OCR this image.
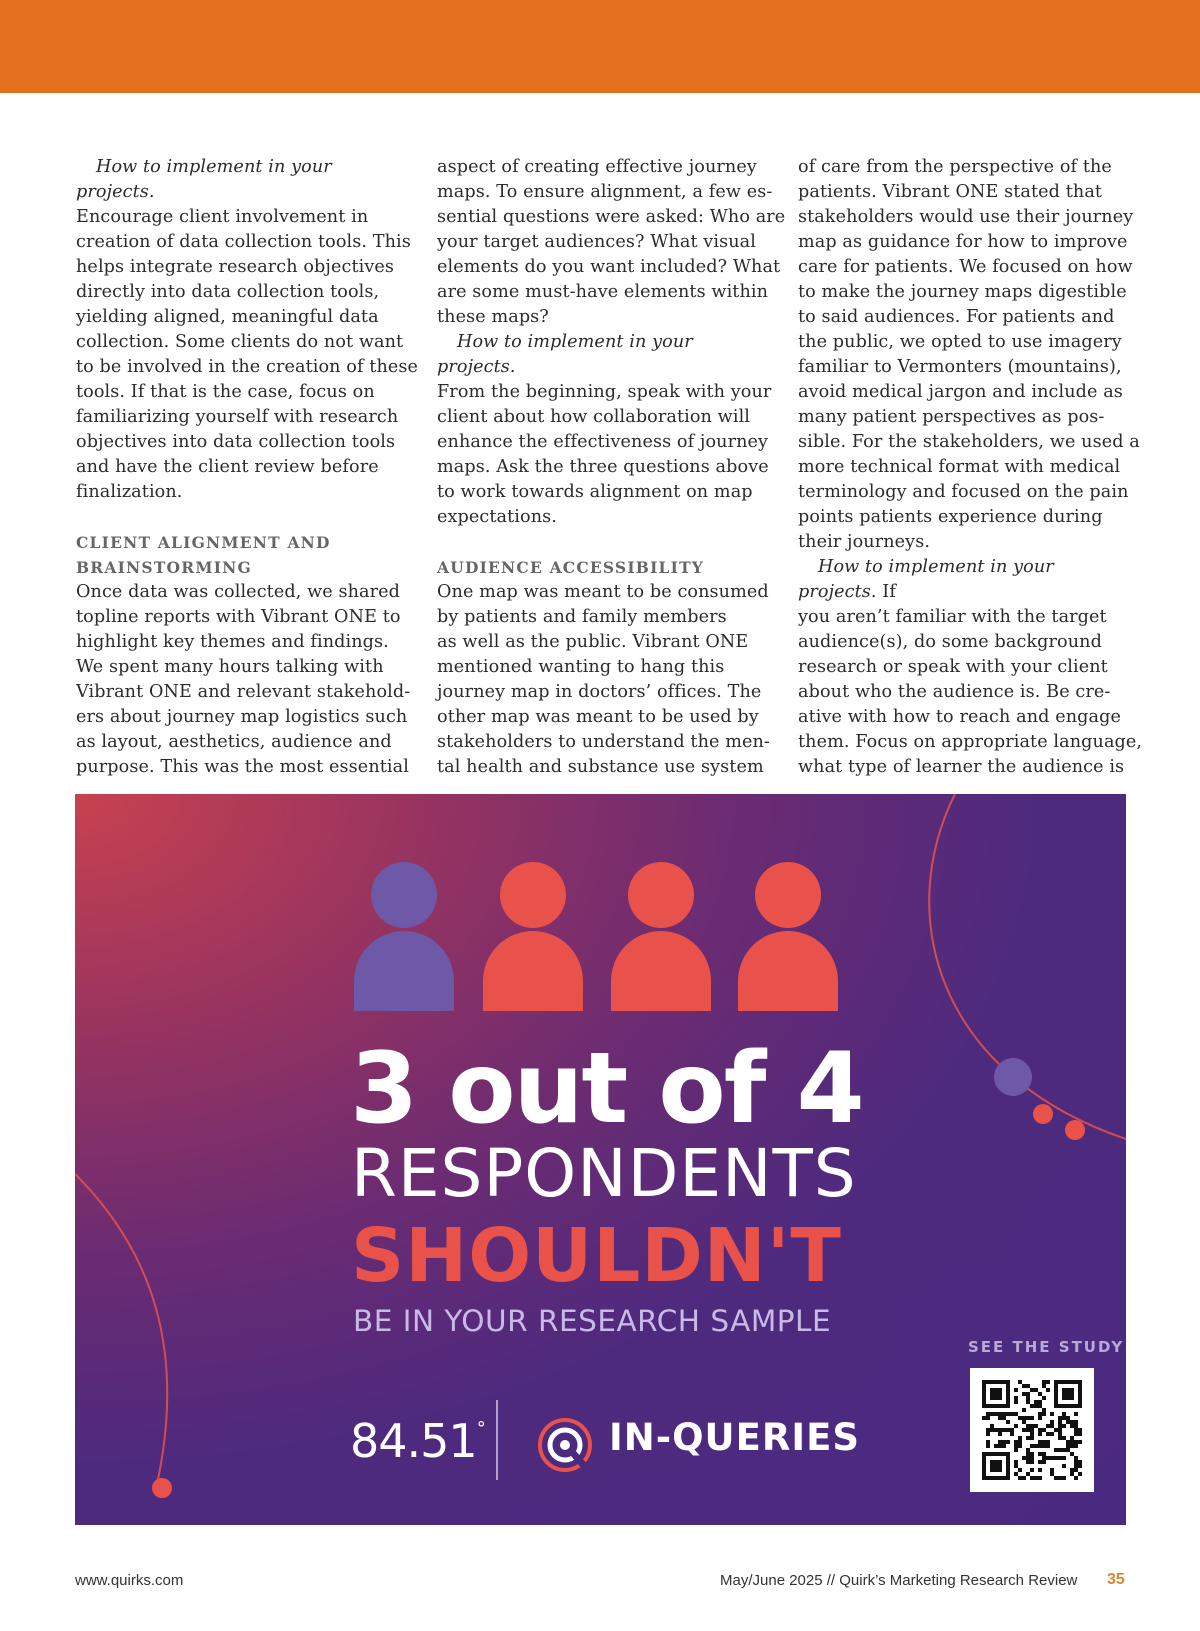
How to implement in your projects.

Encourage client involvement in
creation of data collection tools. This
helps integrate research objectives
directly into data collection tools,
yielding aligned, meaningful data
collection. Some clients do not want
to be involved in the creation of these
tools. If that is the case, focus on
familiarizing yourself with research
objectives into data collection tools
and have the client review before
finalization.
CLIENT ALIGNMENT AND
BRAINSTORMING
Once data was collected, we shared
topline reports with Vibrant ONE to
highlight key themes and findings.
We spent many hours talking with
Vibrant ONE and relevant stakehold-
ers about journey map logistics such
as layout, aesthetics, audience and
purpose. This was the most essential
aspect of creating effective journey
maps. To ensure alignment, a few es-
sential questions were asked: Who are
your target audiences? What visual
elements do you want included? What
are some must-have elements within
these maps?

How to implement in your projects.

From the beginning, speak with your
client about how collaboration will
enhance the effectiveness of journey
maps. Ask the three questions above
to work towards alignment on map
expectations.
AUDIENCE ACCESSIBILITY
One map was meant to be consumed
by patients and family members
as well as the public. Vibrant ONE
mentioned wanting to hang this
journey map in doctors’ offices. The
other map was meant to be used by
stakeholders to understand the men-
tal health and substance use system
of care from the perspective of the
patients. Vibrant ONE stated that
stakeholders would use their journey
map as guidance for how to improve
care for patients. We focused on how
to make the journey maps digestible
to said audiences. For patients and
the public, we opted to use imagery
familiar to Vermonters (mountains),
avoid medical jargon and include as
many patient perspectives as pos-
sible. For the stakeholders, we used a
more technical format with medical
terminology and focused on the pain
points patients experience during
their journeys.

How to implement in your projects. If

you aren’t familiar with the target
audience(s), do some background
research or speak with your client
about who the audience is. Be cre-
ative with how to reach and engage
them. Focus on appropriate language,
what type of learner the audience is
3 out of 4
RESPONDENTS
SHOULDN'T
BE IN YOUR RESEARCH SAMPLE
SEE THE STUDY
84.51°	IN-QUERIES
www.quirks.com	May/June 2025 // Quirk’s Marketing Research Review 35
